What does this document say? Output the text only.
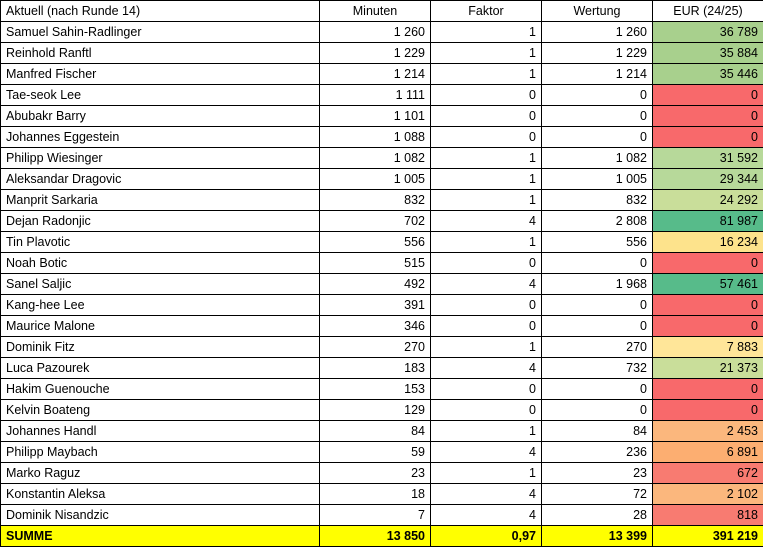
Aktuell (nach Runde 14)	Minuten	Faktor	Wertung	EUR (24/25)
Samuel Sahin-Radlinger	1 260	1	1 260	36 789
Reinhold Ranftl	1 229	1	1 229	35 884
Manfred Fischer	1 214	1	1 214	35 446
Tae-seok Lee	1 111	0	0	0
Abubakr Barry	1 101	0	0	0
Johannes Eggestein	1 088	0	0	0
Philipp Wiesinger	1 082	1	1 082	31 592
Aleksandar Dragovic	1 005	1	1 005	29 344
Manprit Sarkaria	832	1	832	24 292
Dejan Radonjic	702	4	2 808	81 987
Tin Plavotic	556	1	556	16 234
Noah Botic	515	0	0	0
Sanel Saljic	492	4	1 968	57 461
Kang-hee Lee	391	0	0	0
Maurice Malone	346	0	0	0
Dominik Fitz	270	1	270	7 883
Luca Pazourek	183	4	732	21 373
Hakim Guenouche	153	0	0	0
Kelvin Boateng	129	0	0	0
Johannes Handl	84	1	84	2 453
Philipp Maybach	59	4	236	6 891
Marko Raguz	23	1	23	672
Konstantin Aleksa	18	4	72	2 102
Dominik Nisandzic	7	4	28	818
SUMME	13 850	0,97	13 399	391 219
